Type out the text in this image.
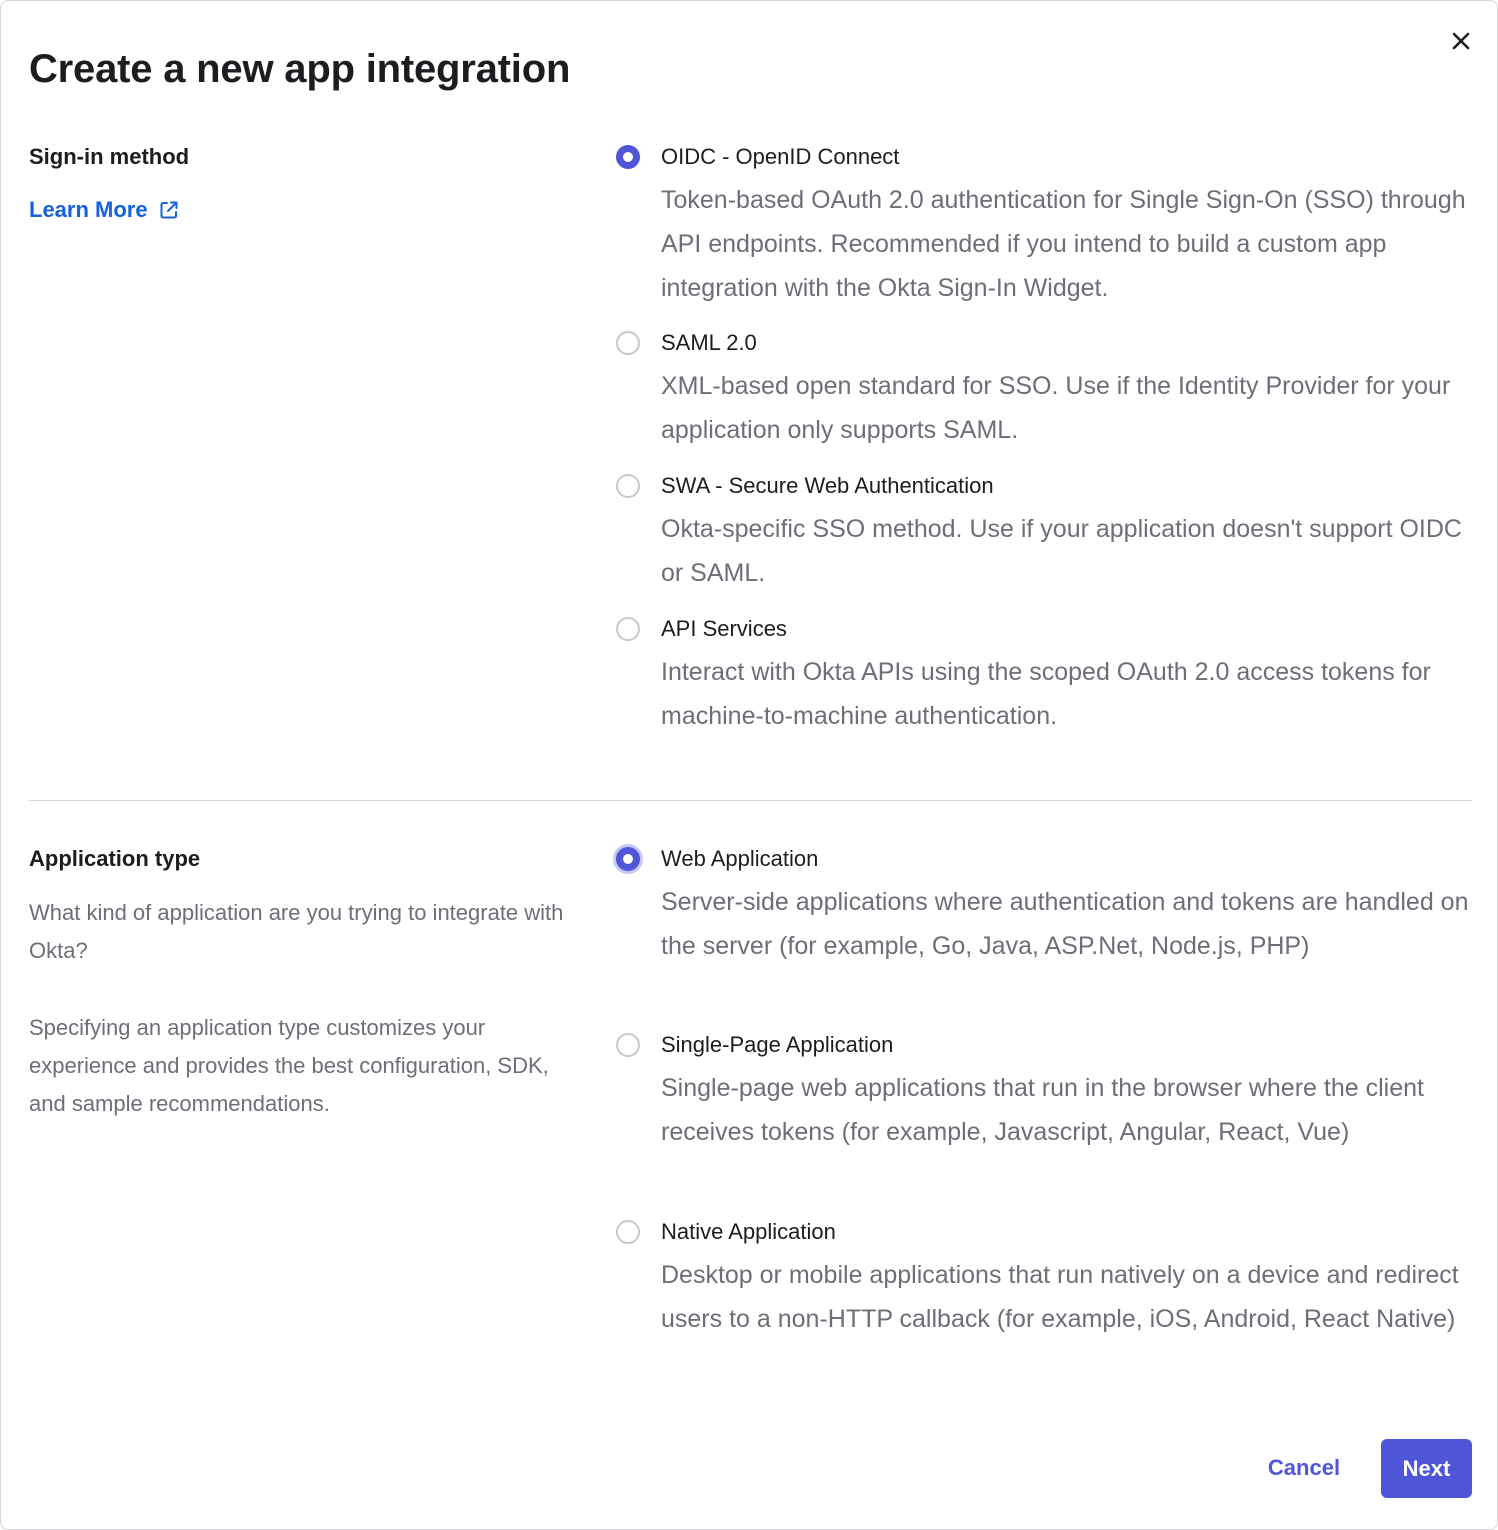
Create a new app integration
Sign-in method
Learn More
OIDC - OpenID Connect

Token-based OAuth 2.0 authentication for Single Sign-On (SSO) through API endpoints. Recommended if you intend to build a custom app integration with the Okta Sign-In Widget.

SAML 2.0

XML-based open standard for SSO. Use if the Identity Provider for your application only supports SAML.

SWA - Secure Web Authentication

Okta-specific SSO method. Use if your application doesn't support OIDC or SAML.

API Services

Interact with Okta APIs using the scoped OAuth 2.0 access tokens for machine-to-machine authentication.

Application type

What kind of application are you trying to integrate with Okta?

Specifying an application type customizes your experience and provides the best configuration, SDK, and sample recommendations.

Web Application

Server-side applications where authentication and tokens are handled on the server (for example, Go, Java, ASP.Net, Node.js, PHP)

Single-Page Application

Single-page web applications that run in the browser where the client receives tokens (for example, Javascript, Angular, React, Vue)

Native Application

Desktop or mobile applications that run natively on a device and redirect users to a non-HTTP callback (for example, iOS, Android, React Native)

Cancel	Next
